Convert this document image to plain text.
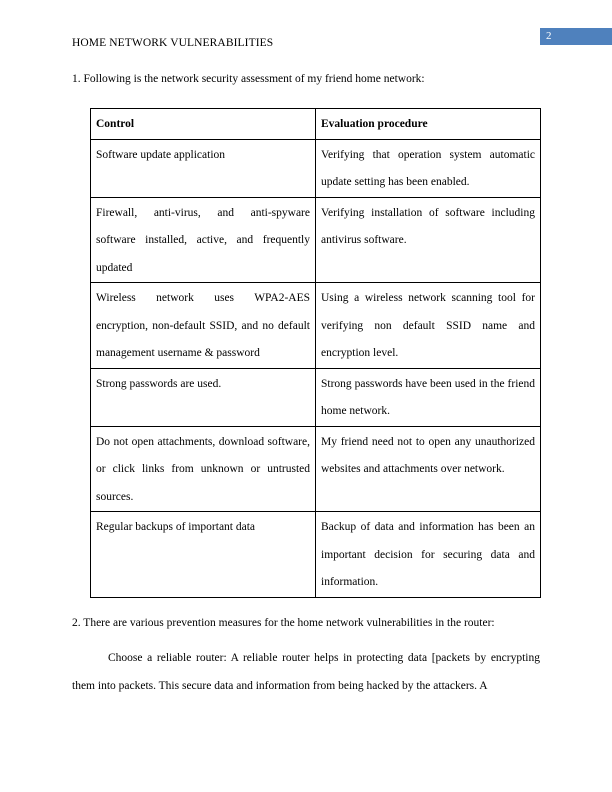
2
HOME NETWORK VULNERABILITIES
1. Following is the network security assessment of my friend home network:
Control	Evaluation procedure
Software update application	Verifying that operation system automatic update setting has been enabled.
Firewall, anti-virus, and anti-spyware software installed, active, and frequently updated	Verifying installation of software including antivirus software.
Wireless network uses WPA2-AES encryption, non-default SSID, and no default management username & password	Using a wireless network scanning tool for verifying non default SSID name and encryption level.
Strong passwords are used.	Strong passwords have been used in the friend home network.
Do not open attachments, download software, or click links from unknown or untrusted sources.	My friend need not to open any unauthorized websites and attachments over network.
Regular backups of important data	Backup of data and information has been an important decision for securing data and information.
2. There are various prevention measures for the home network vulnerabilities in the router:

Choose a reliable router: A reliable router helps in protecting data [packets by encrypting them into packets. This secure data and information from being hacked by the attackers. A
